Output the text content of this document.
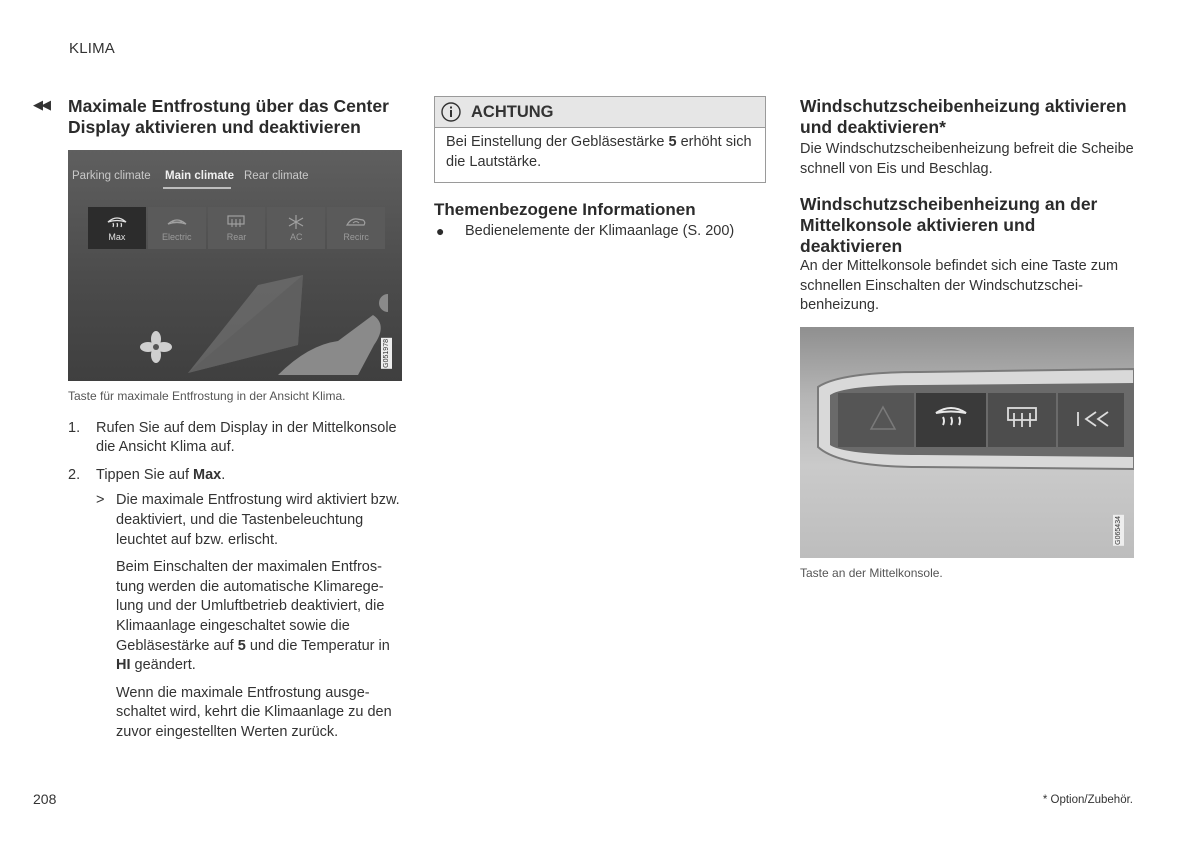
KLIMA
◀◀ Maximale Entfrostung über das Center Display aktivieren und deaktivieren
Parking climate Main climate Rear climate
Max	Electric	Rear	AC	Recirc
G051978
Taste für maximale Entfrostung in der Ansicht Klima.
1.	Rufen Sie auf dem Display in der Mittelkonsole die Ansicht Klima auf.
2.	Tippen Sie auf Max.
> Die maximale Entfrostung wird aktiviert bzw. deaktiviert, und die Tastenbeleuchtung leuchtet auf bzw. erlischt.

Beim Einschalten der maximalen Entfrostung werden die automatische Klimaregelung und der Umluftbetrieb deaktiviert, die Klimaanlage eingeschaltet sowie die Gebläsestärke auf 5 und die Temperatur in HI geändert.

Wenn die maximale Entfrostung ausgeschaltet wird, kehrt die Klimaanlage zu den zuvor eingestellten Werten zurück.

ACHTUNG

Bei Einstellung der Gebläsestärke 5 erhöht sich die Lautstärke.

Themenbezogene Informationen
●	Bedienelemente der Klimaanlage (S. 200)
Windschutzscheibenheizung aktivieren und deaktivieren*

Die Windschutzscheibenheizung befreit die Scheibe schnell von Eis und Beschlag.

Windschutzscheibenheizung an der Mittelkonsole aktivieren und deaktivieren

An der Mittelkonsole befindet sich eine Taste zum schnellen Einschalten der Windschutzscheibenheizung.

G065434
Taste an der Mittelkonsole.
208	* Option/Zubehör.
